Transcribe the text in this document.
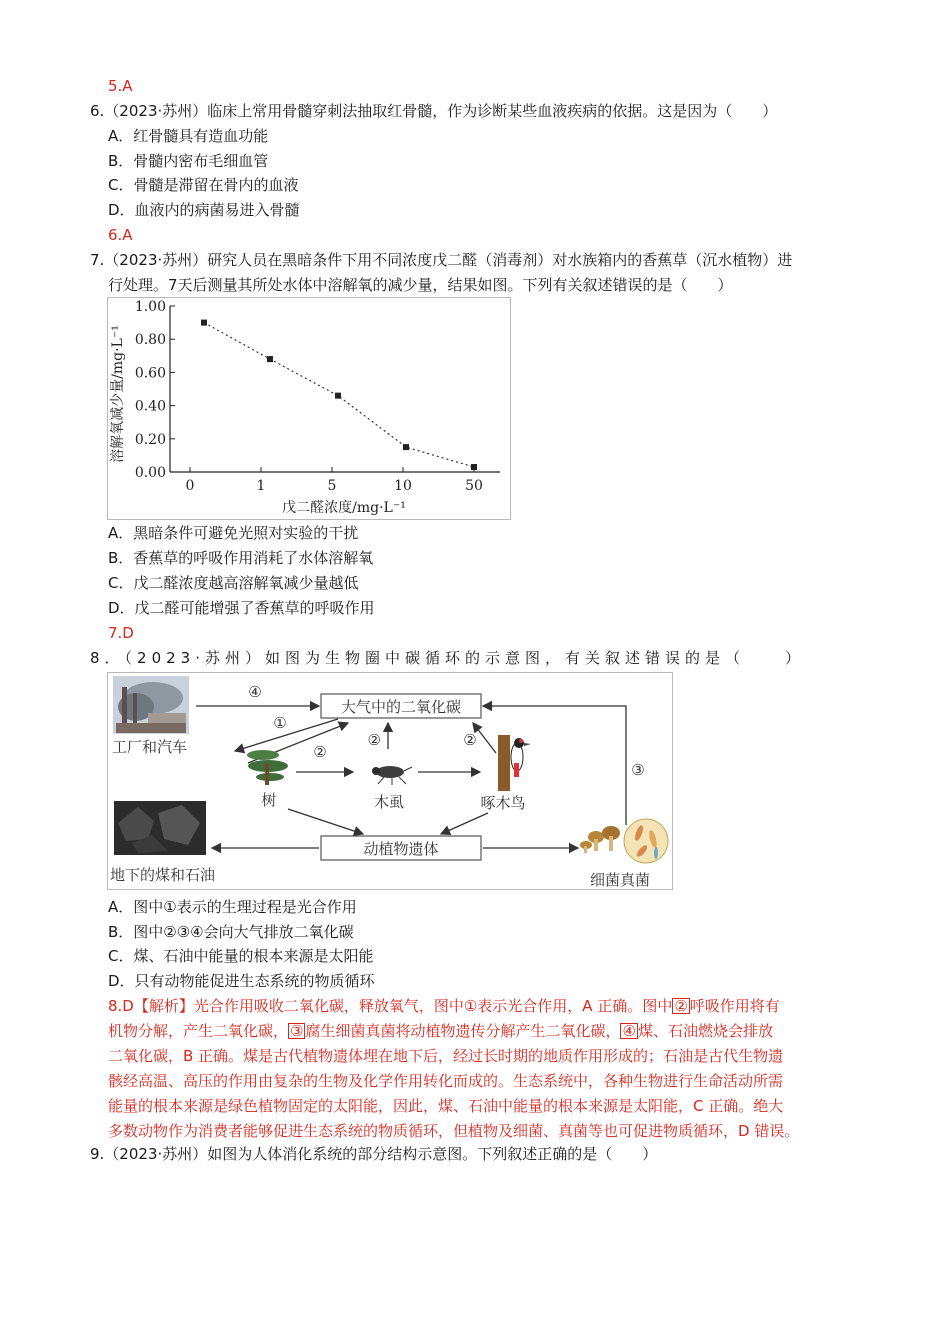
5.A
6.（2023·苏州）临床上常用骨髓穿刺法抽取红骨髓，作为诊断某些血液疾病的依据。这是因为（　　）
A．红骨髓具有造血功能
B．骨髓内密布毛细血管
C．骨髓是滞留在骨内的血液
D．血液内的病菌易进入骨髓
6.A
7.（2023·苏州）研究人员在黑暗条件下用不同浓度戊二醛（消毒剂）对水族箱内的香蕉草（沉水植物）进
行处理。7天后测量其所处水体中溶解氧的减少量，结果如图。下列有关叙述错误的是（　　）
0.00
0.20
0.40
0.60
0.80
1.00
0	1	5	10	50
溶解氧减少量/mg·L⁻¹
戊二醛浓度/mg·L⁻¹
A．黑暗条件可避免光照对实验的干扰
B．香蕉草的呼吸作用消耗了水体溶解氧
C．戊二醛浓度越高溶解氧减少量越低
D．戊二醛可能增强了香蕉草的呼吸作用
7.D
8．（2023·苏州）如图为生物圈中碳循环的示意图，有关叙述错误的是（　　）
工厂和汽车
大气中的二氧化碳
④
①
②
②	②
③
树	木虱	啄木鸟
动植物遗体
地下的煤和石油	细菌真菌
A．图中①表示的生理过程是光合作用
B．图中②③④会向大气排放二氧化碳
C．煤、石油中能量的根本来源是太阳能
D．只有动物能促进生态系统的物质循环

8.D【解析】光合作用吸收二氧化碳，释放氧气，图中①表示光合作用，A 正确。图中 ② 呼吸作用将有

机物分解，产生二氧化碳， ③ 腐生细菌真菌将动植物遗传分解产生二氧化碳， ④ 煤、石油燃烧会排放

二氧化碳，B 正确。煤是古代植物遗体埋在地下后，经过长时期的地质作用形成的；石油是古代生物遗

骸经高温、高压的作用由复杂的生物及化学作用转化而成的。生态系统中，各种生物进行生命活动所需

能量的根本来源是绿色植物固定的太阳能，因此，煤、石油中能量的根本来源是太阳能，C 正确。绝大

多数动物作为消费者能够促进生态系统的物质循环，但植物及细菌、真菌等也可促进物质循环，D 错误。

9.（2023·苏州）如图为人体消化系统的部分结构示意图。下列叙述正确的是（　　）
